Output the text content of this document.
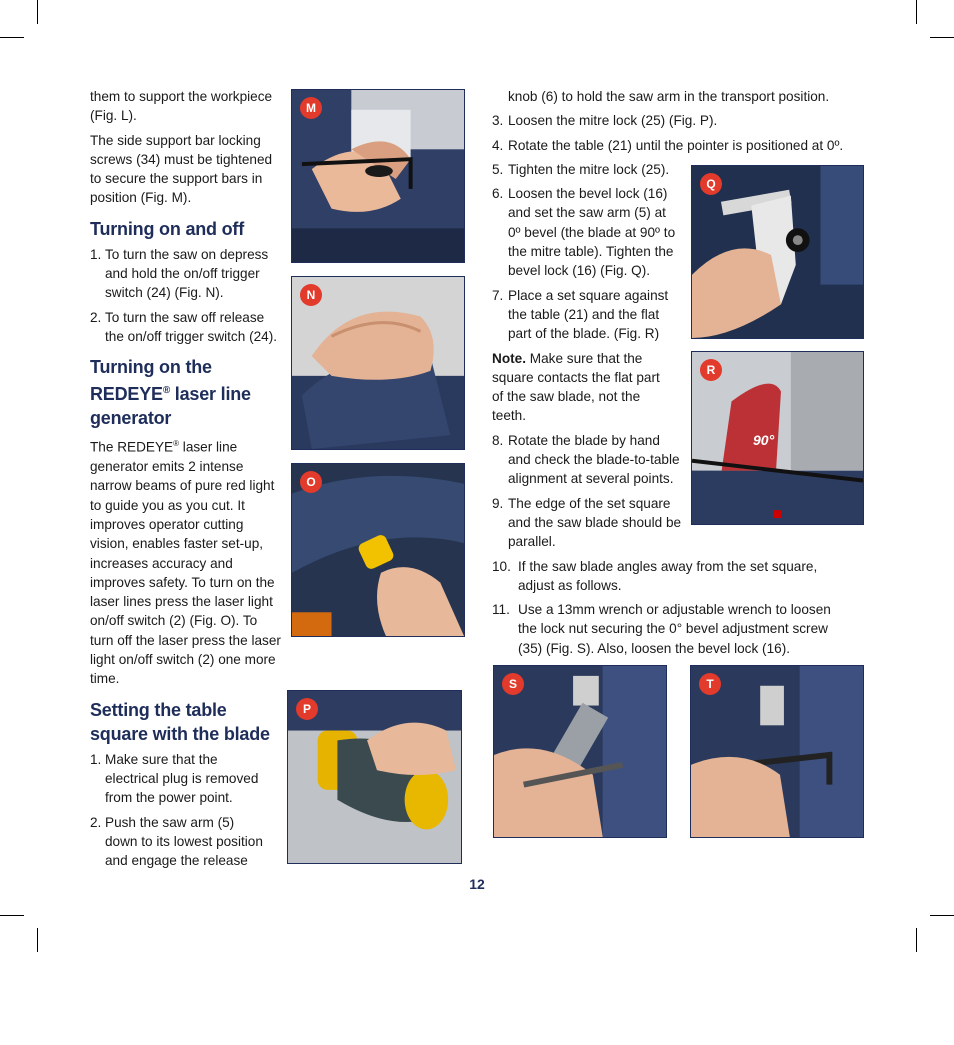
them to support the workpiece (Fig. L).

The side support bar locking screws (34) must be tightened to secure the support bars in position (Fig. M).

Turning on and off
1. To turn the saw on depress and hold the on/off trigger switch (24) (Fig. N).
2. To turn the saw off release the on/off trigger switch (24).
Turning on the
REDEYE® laser line generator

The REDEYE® laser line generator emits 2 intense narrow beams of pure red light to guide you as you cut. It improves operator cutting vision, enables faster set-up, increases accuracy and improves safety. To turn on the laser lines press the laser light on/off switch (2) (Fig. O). To turn off the laser press the laser light on/off switch (2) one more time.

Setting the table square with the blade
1. Make sure that the electrical plug is removed from the power point.
2. Push the saw arm (5) down to its lowest position and engage the release

knob (6) to hold the saw arm in the transport position.

3. Loosen the mitre lock (25) (Fig. P).
4. Rotate the table (21) until the pointer is positioned at 0º.
5. Tighten the mitre lock (25).
6. Loosen the bevel lock (16) and set the saw arm (5) at 0º bevel (the blade at 90º to the mitre table). Tighten the bevel lock (16) (Fig. Q).
7. Place a set square against the table (21) and the flat part of the blade. (Fig. R)

Note. Make sure that the square contacts the flat part of the saw blade, not the teeth.

8. Rotate the blade by hand and check the blade-to-table alignment at several points.
9. The edge of the set square and the saw blade should be parallel.
10. If the saw blade angles away from the set square, adjust as follows.
11. Use a 13mm wrench or adjustable wrench to loosen the lock nut securing the 0° bevel adjustment screw (35) (Fig. S). Also, loosen the bevel lock (16).
M
N
O
P
Q
R
90°
S	T
12
